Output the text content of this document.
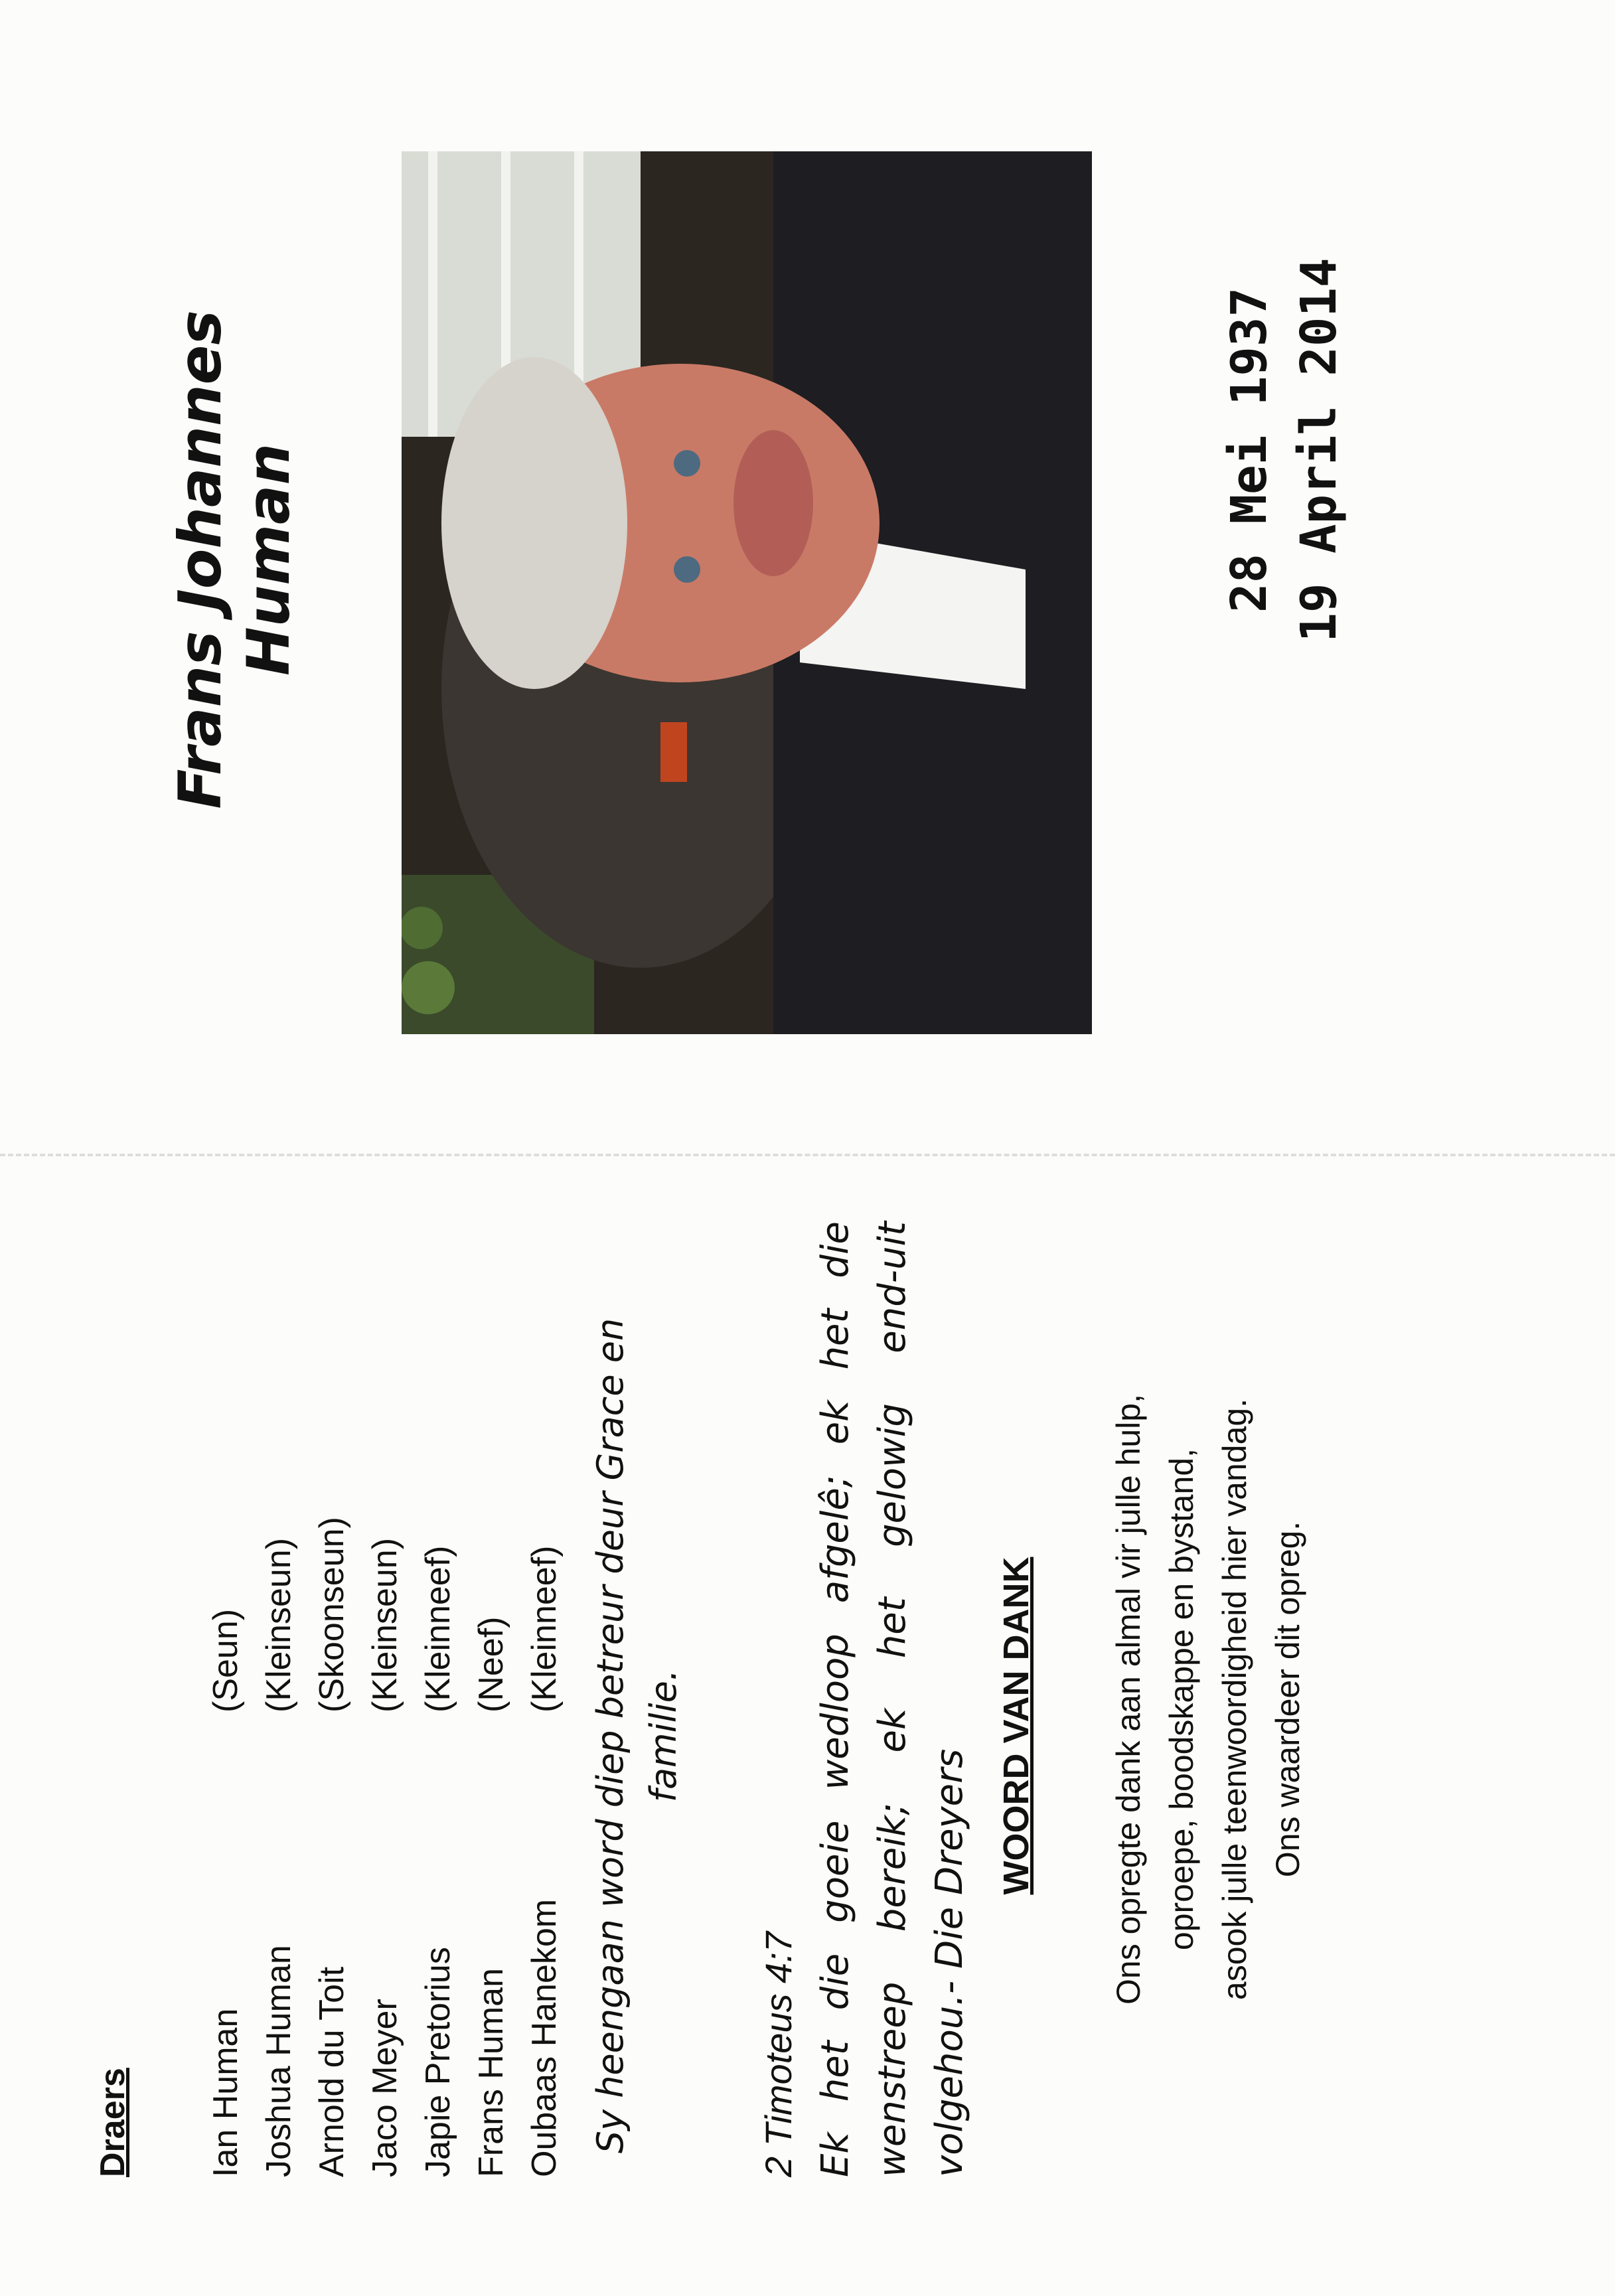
Frans Johannes Human	28 Mei 1937 19 April 2014
Draers Ian Human
(Seun)
Joshua Human
(Kleinseun)
Arnold du Toit
(Skoonseun)
Jaco Meyer
(Kleinseun)
Japie Pretorius
(Kleinneef)
Frans Human
(Neef)
Oubaas Hanekom
(Kleinneef) Sy heengaan word diep betreur deur Grace en familie.
2 Timoteus 4:7 Ek het die goeie wedloop afgelê; ek het die wenstreep bereik; ek het gelowig end-uit volgehou.- Die Dreyers
WOORD VAN DANK Ons opregte dank aan almal vir julle hulp, oproepe, boodskappe en bystand, asook julle teenwoordigheid hier vandag. Ons waardeer dit opreg.
